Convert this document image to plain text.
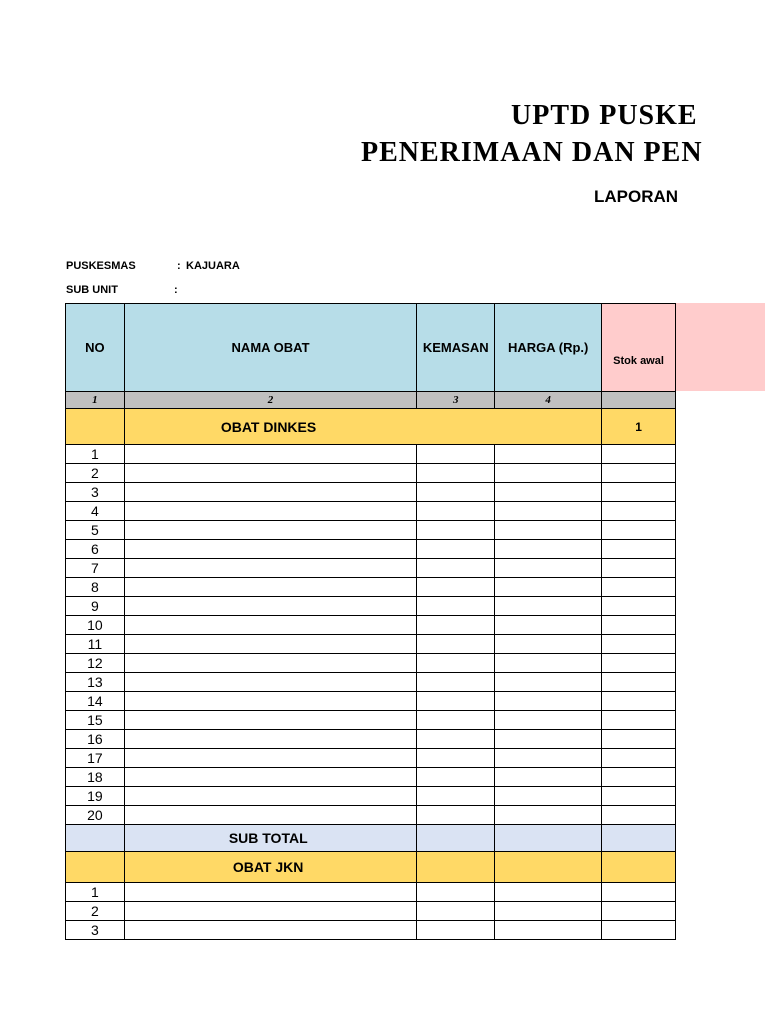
UPTD PUSKE
PENERIMAAN DAN PEN
LAPORAN
PUSKESMAS	: KAJUARA
SUB UNIT	:
NO	NAMA OBAT	KEMASAN	HARGA (Rp.)	Stok awal

1	2	3	4	
	OBAT DINKES			1
1				
2				
3				
4				
5				
6				
7				
8				
9				
10				
11				
12				
13				
14				
15				
16				
17				
18				
19				
20				
	SUB TOTAL			
	OBAT JKN			
1				
2				
3				
